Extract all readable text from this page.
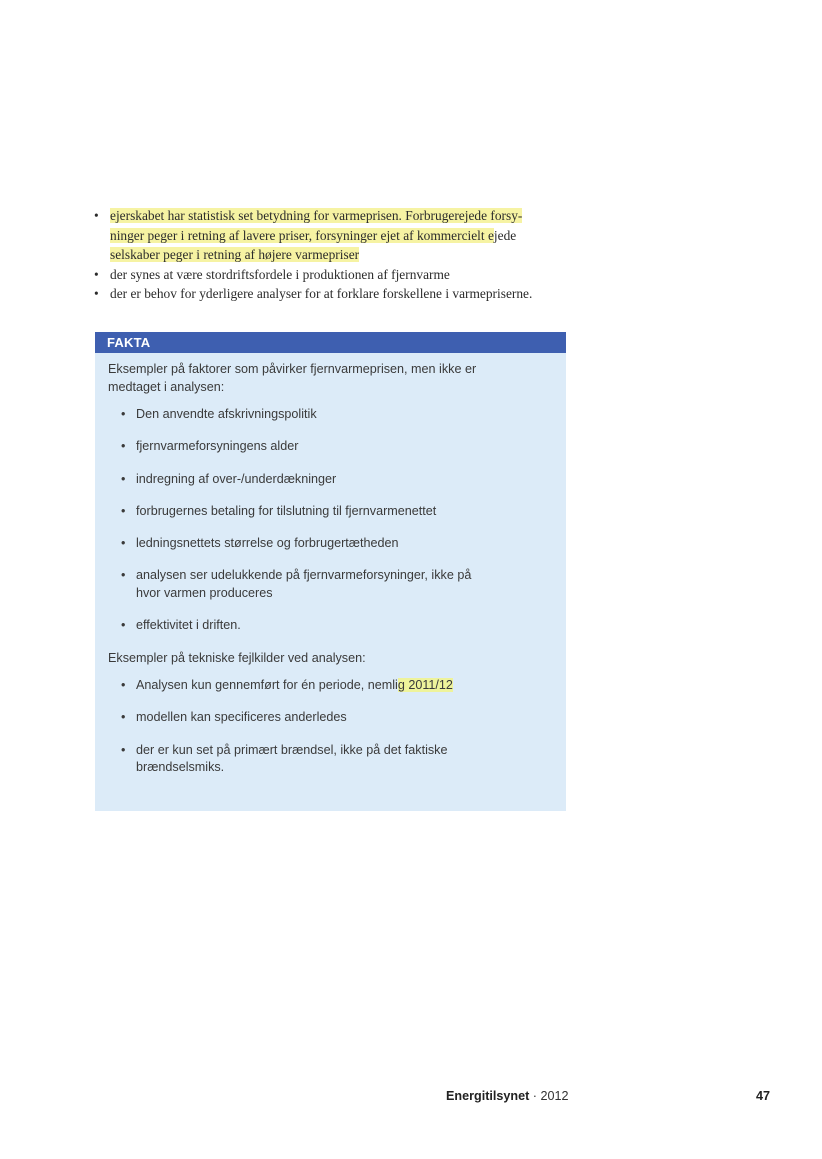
• ejerskabet har statistisk set betydning for varmeprisen. Forbrugerejede forsy-
ninger peger i retning af lavere priser, forsyninger ejet af kommercielt ejede
selskaber peger i retning af højere varmepriser
• der synes at være stordriftsfordele i produktionen af fjernvarme
• der er behov for yderligere analyser for at forklare forskellene i varmepriserne.
FAKTA

Eksempler på faktorer som påvirker fjernvarmeprisen, men ikke er medtaget i analysen:

• Den anvendte afskrivningspolitik
• fjernvarmeforsyningens alder
• indregning af over-/underdækninger
• forbrugernes betaling for tilslutning til fjernvarmenettet
• ledningsnettets størrelse og forbrugertætheden
• analysen ser udelukkende på fjernvarmeforsyninger, ikke på hvor varmen produceres
• effektivitet i driften.

Eksempler på tekniske fejlkilder ved analysen:

• Analysen kun gennemført for én periode, nemlig 2011/12
• modellen kan specificeres anderledes
• der er kun set på primært brændsel, ikke på det faktiske brændselsmiks.
Energitilsynet · 2012	47
